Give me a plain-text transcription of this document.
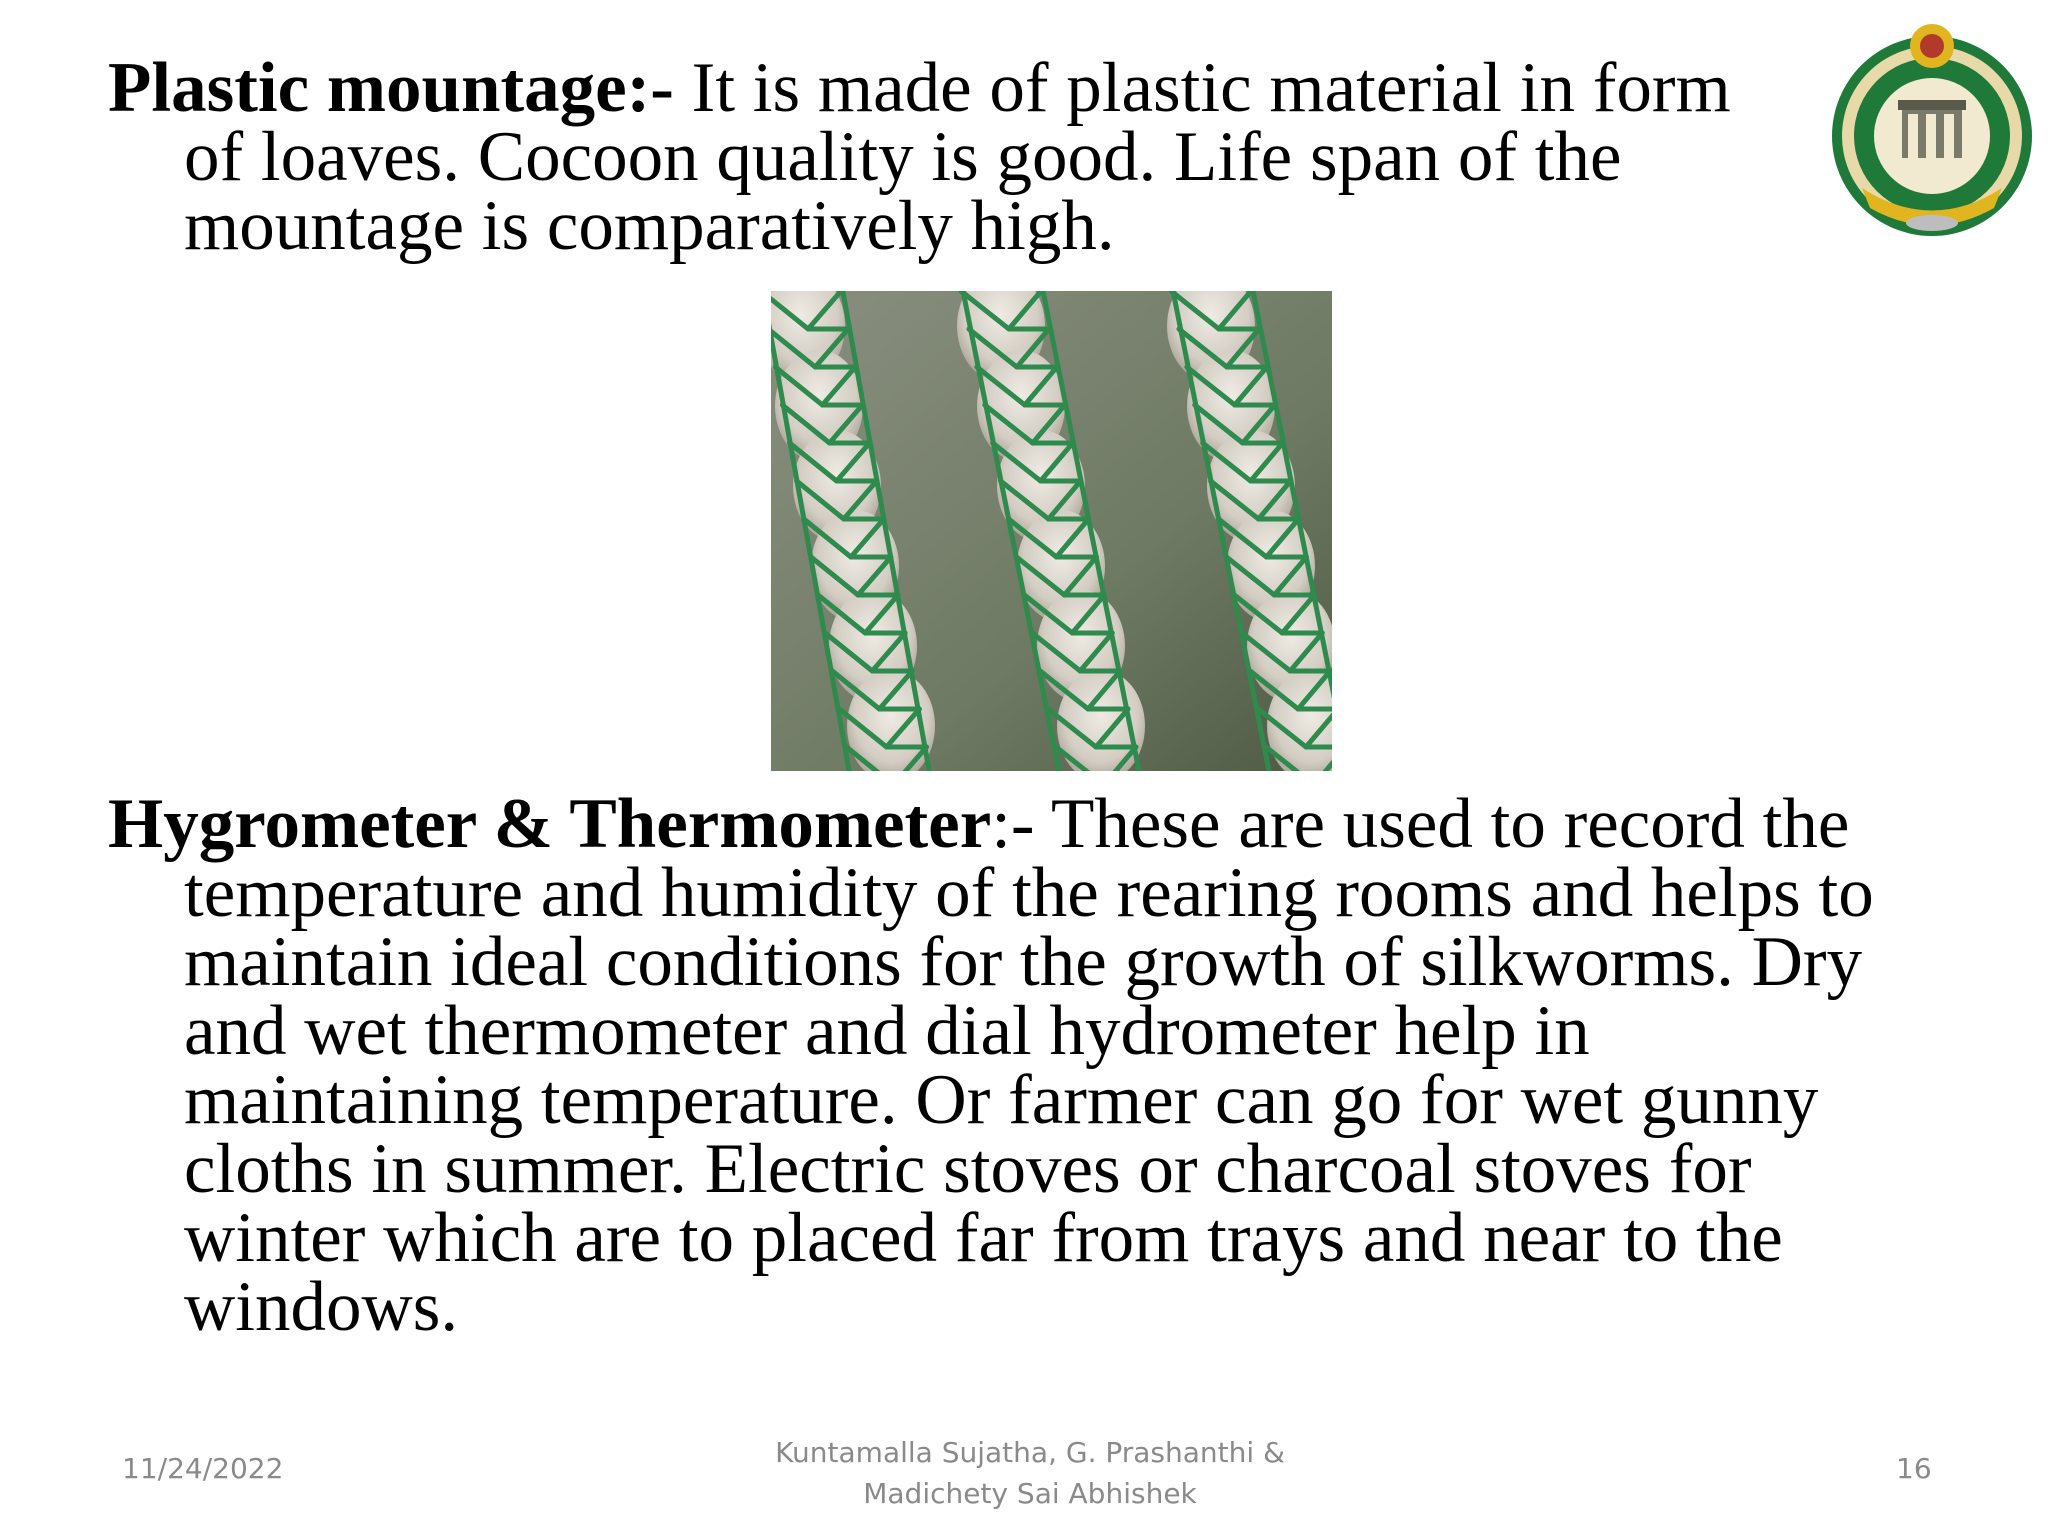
Plastic mountage:- It is made of plastic material in form
of loaves. Cocoon quality is good. Life span of the
mountage is comparatively high.

Hygrometer & Thermometer:- These are used to record the
temperature and humidity of the rearing rooms and helps to
maintain ideal conditions for the growth of silkworms. Dry
and wet thermometer and dial hydrometer help in
maintaining temperature. Or farmer can go for wet gunny
cloths in summer. Electric stoves or charcoal stoves for
winter which are to placed far from trays and near to the
windows.

11/24/2022	Kuntamalla Sujatha, G. Prashanthi &
Madichety Sai Abhishek
16
